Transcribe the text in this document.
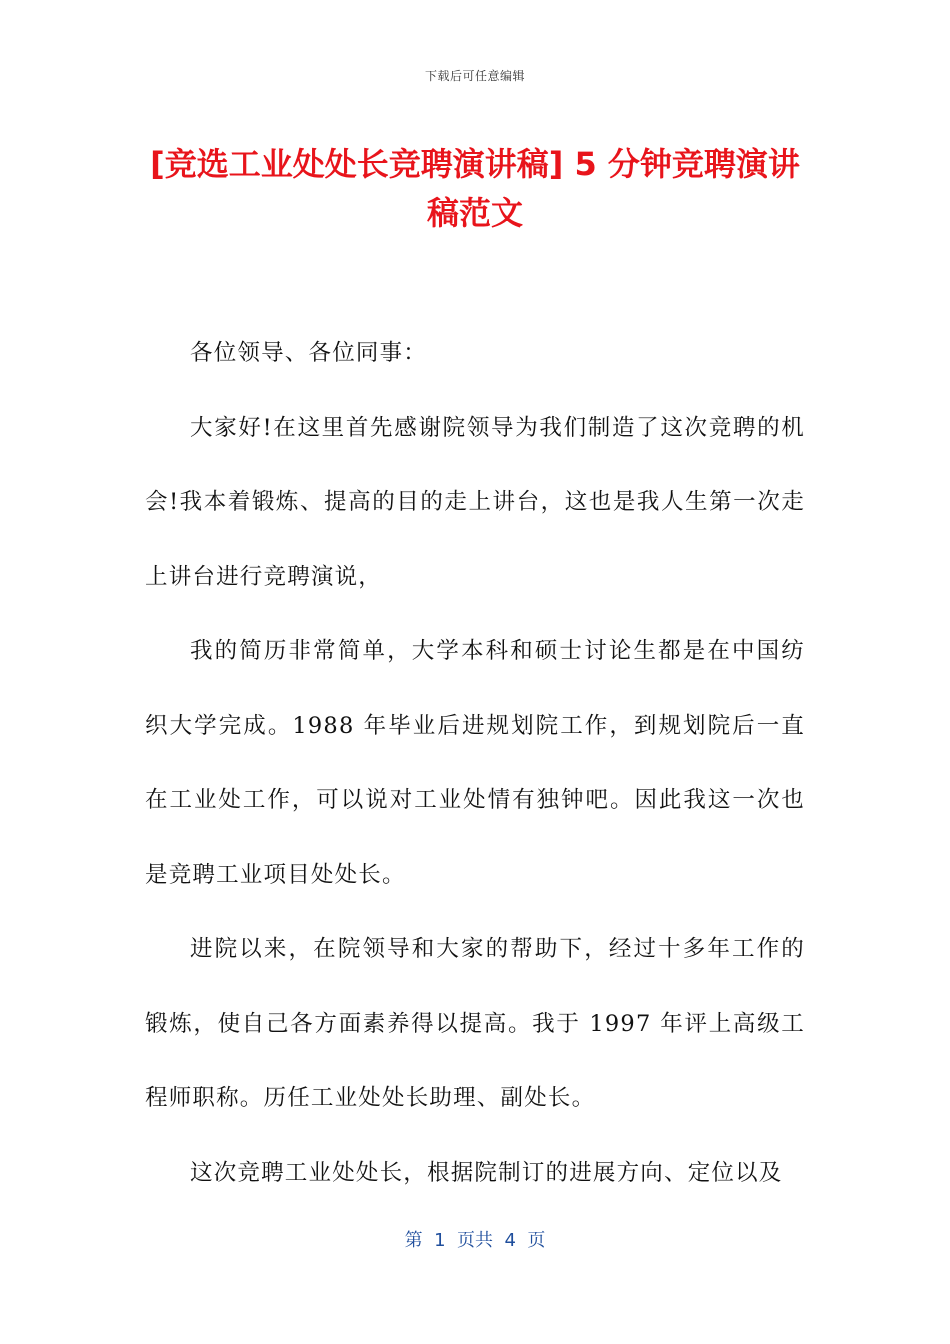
下载后可任意编辑
[竞选工业处处长竞聘演讲稿] 5 分钟竞聘演讲稿范文

各位领导、各位同事：

大家好!在这里首先感谢院领导为我们制造了这次竞聘的机会!我本着锻炼、提高的目的走上讲台，这也是我人生第一次走上讲台进行竞聘演说，

我的简历非常简单，大学本科和硕士讨论生都是在中国纺织大学完成。1988 年毕业后进规划院工作，到规划院后一直在工业处工作，可以说对工业处情有独钟吧。因此我这一次也是竞聘工业项目处处长。

进院以来，在院领导和大家的帮助下，经过十多年工作的锻炼，使自己各方面素养得以提高。我于 1997 年评上高级工程师职称。历任工业处处长助理、副处长。

这次竞聘工业处处长，根据院制订的进展方向、定位以及

第  1  页共  4  页
